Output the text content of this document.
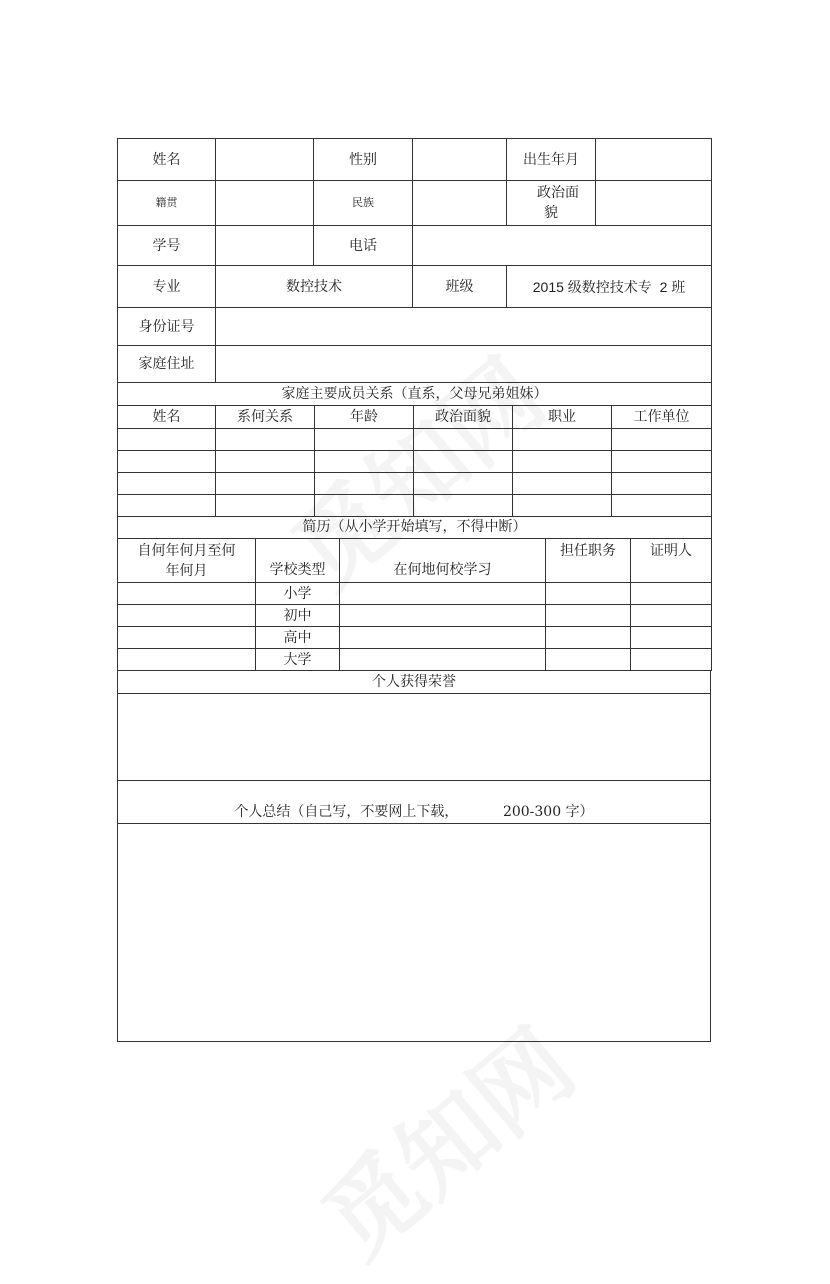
姓名		性别		出生年月	
籍贯		民族		政治面
貌	

学号		电话			
专业	数控技术		班级	2015 级数控技术专  2 班	
身份证号					
家庭住址					
家庭主要成员关系（直系，父母兄弟姐妹）					
姓名	系何关系	年龄	政治面貌	职业	工作单位

简历（从小学开始填写，不得中断）				

自何年何月至何
年何月	学校类型	在何地何校学习	担任职务	证明人
	小学			
	初中			
	高中			
	大学			
个人获得荣誉

个人总结（自己写，不要网上下载，          200-300 字）
